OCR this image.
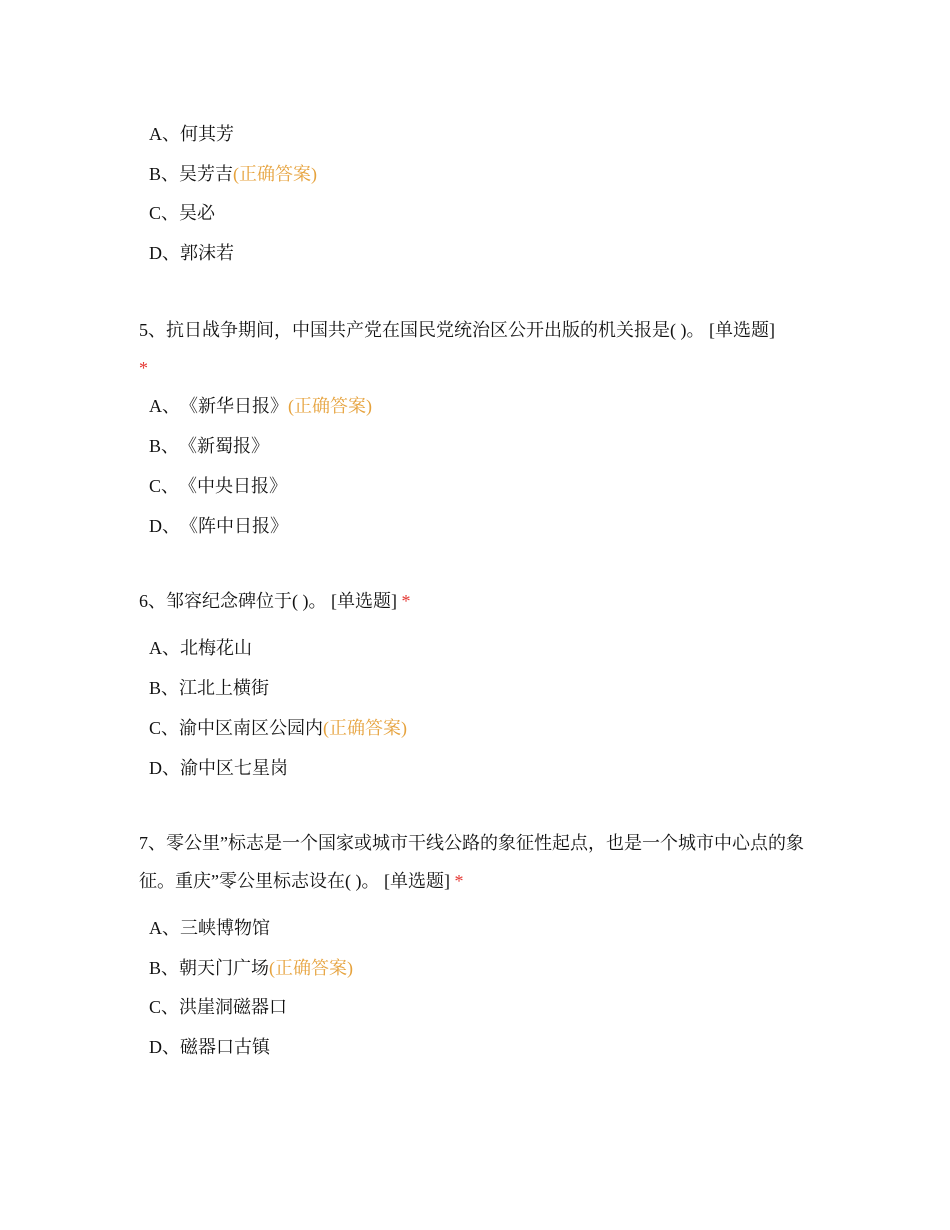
A、何其芳
B、吴芳吉(正确答案)
C、吴必
D、郭沫若
5、抗日战争期间，中国共产党在国民党统治区公开出版的机关报是( )。 [单选题]
*
A、《新华日报》(正确答案)
B、《新蜀报》
C、《中央日报》
D、《阵中日报》
6、邹容纪念碑位于( )。 [单选题] *
A、北梅花山
B、江北上横街
C、渝中区南区公园内(正确答案)
D、渝中区七星岗
7、零公里”标志是一个国家或城市干线公路的象征性起点，也是一个城市中心点的象征。重庆”零公里标志设在( )。 [单选题] *
A、三峡博物馆
B、朝天门广场(正确答案)
C、洪崖洞磁器口
D、磁器口古镇
